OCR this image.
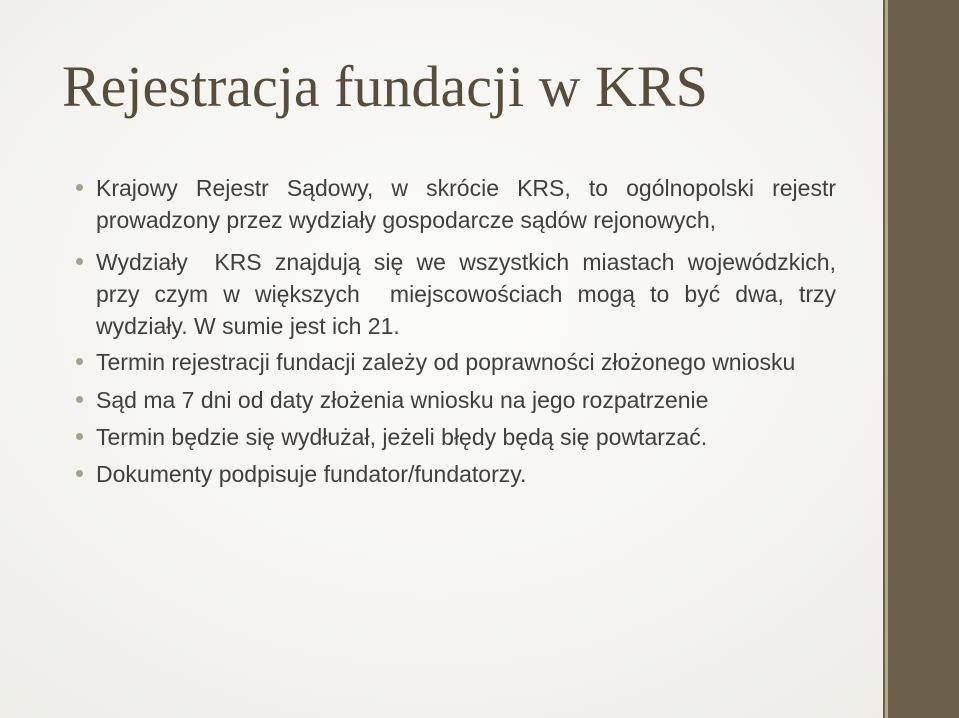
Rejestracja fundacji w KRS
Krajowy Rejestr Sądowy, w skrócie KRS, to ogólnopolski rejestr
prowadzony przez wydziały gospodarcze sądów rejonowych,
Wydziały  KRS znajdują się we wszystkich miastach wojewódzkich,
przy czym w większych  miejscowościach mogą to być dwa, trzy
wydziały. W sumie jest ich 21.
Termin rejestracji fundacji zależy od poprawności złożonego wniosku
Sąd ma 7 dni od daty złożenia wniosku na jego rozpatrzenie
Termin będzie się wydłużał, jeżeli błędy będą się powtarzać.
Dokumenty podpisuje fundator/fundatorzy.
